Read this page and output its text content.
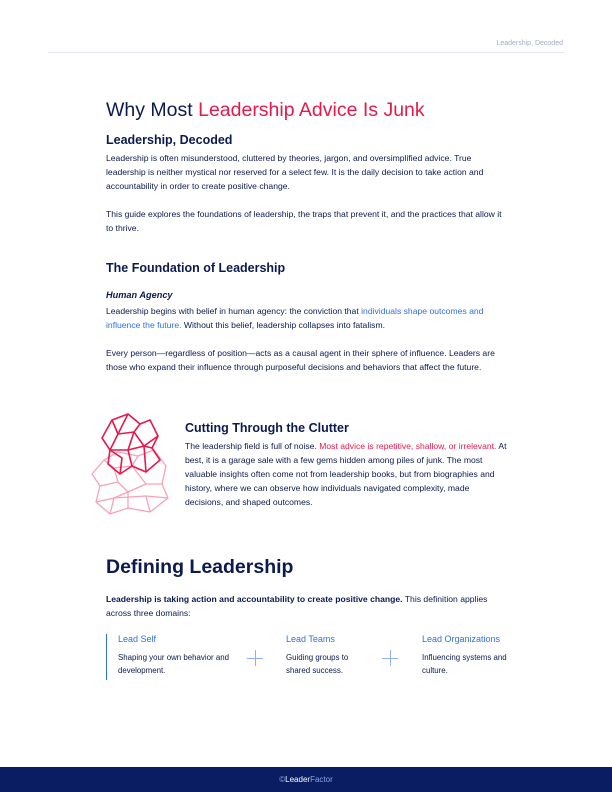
Leadership, Decoded
Why Most Leadership Advice Is Junk
Leadership, Decoded

Leadership is often misunderstood, cluttered by theories, jargon, and oversimplified advice. True leadership is neither mystical nor reserved for a select few. It is the daily decision to take action and accountability in order to create positive change.

This guide explores the foundations of leadership, the traps that prevent it, and the practices that allow it to thrive.

The Foundation of Leadership
Human Agency

Leadership begins with belief in human agency: the conviction that individuals shape outcomes and influence the future. Without this belief, leadership collapses into fatalism.

Every person—regardless of position—acts as a causal agent in their sphere of influence. Leaders are those who expand their influence through purposeful decisions and behaviors that affect the future.

Cutting Through the Clutter

The leadership field is full of noise. Most advice is repetitive, shallow, or irrelevant. At best, it is a garage sale with a few gems hidden among piles of junk. The most valuable insights often come not from leadership books, but from biographies and history, where we can observe how individuals navigated complexity, made decisions, and shaped outcomes.

Defining Leadership

Leadership is taking action and accountability to create positive change. This definition applies across three domains:

Lead Self
Shaping your own behavior and development.
Lead Teams
Guiding groups to shared success.
Lead Organizations
Influencing systems and culture.
©LeaderFactor
